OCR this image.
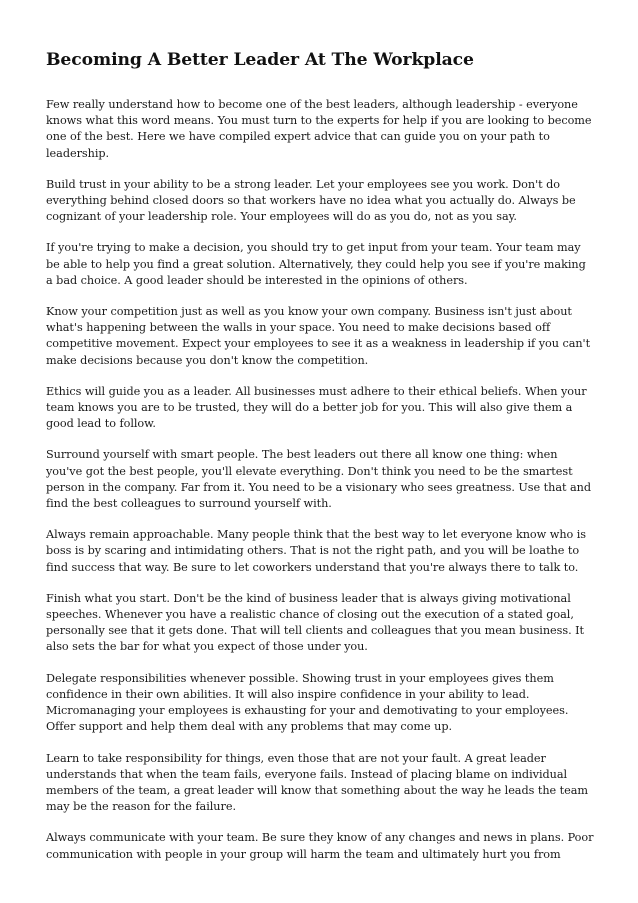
Becoming A Better Leader At The Workplace

Few really understand how to become one of the best leaders, although leadership - everyone knows what this word means. You must turn to the experts for help if you are looking to become one of the best. Here we have compiled expert advice that can guide you on your path to leadership.

Build trust in your ability to be a strong leader. Let your employees see you work. Don't do everything behind closed doors so that workers have no idea what you actually do. Always be cognizant of your leadership role. Your employees will do as you do, not as you say.

If you're trying to make a decision, you should try to get input from your team. Your team may be able to help you find a great solution. Alternatively, they could help you see if you're making a bad choice. A good leader should be interested in the opinions of others.

Know your competition just as well as you know your own company. Business isn't just about what's happening between the walls in your space. You need to make decisions based off competitive movement. Expect your employees to see it as a weakness in leadership if you can't make decisions because you don't know the competition.

Ethics will guide you as a leader. All businesses must adhere to their ethical beliefs. When your team knows you are to be trusted, they will do a better job for you. This will also give them a good lead to follow.

Surround yourself with smart people. The best leaders out there all know one thing: when you've got the best people, you'll elevate everything. Don't think you need to be the smartest person in the company. Far from it. You need to be a visionary who sees greatness. Use that and find the best colleagues to surround yourself with.

Always remain approachable. Many people think that the best way to let everyone know who is boss is by scaring and intimidating others. That is not the right path, and you will be loathe to find success that way. Be sure to let coworkers understand that you're always there to talk to.

Finish what you start. Don't be the kind of business leader that is always giving motivational speeches. Whenever you have a realistic chance of closing out the execution of a stated goal, personally see that it gets done. That will tell clients and colleagues that you mean business. It also sets the bar for what you expect of those under you.

Delegate responsibilities whenever possible. Showing trust in your employees gives them confidence in their own abilities. It will also inspire confidence in your ability to lead. Micromanaging your employees is exhausting for your and demotivating to your employees. Offer support and help them deal with any problems that may come up.

Learn to take responsibility for things, even those that are not your fault. A great leader understands that when the team fails, everyone fails. Instead of placing blame on individual members of the team, a great leader will know that something about the way he leads the team may be the reason for the failure.

Always communicate with your team. Be sure they know of any changes and news in plans. Poor communication with people in your group will harm the team and ultimately hurt you from
